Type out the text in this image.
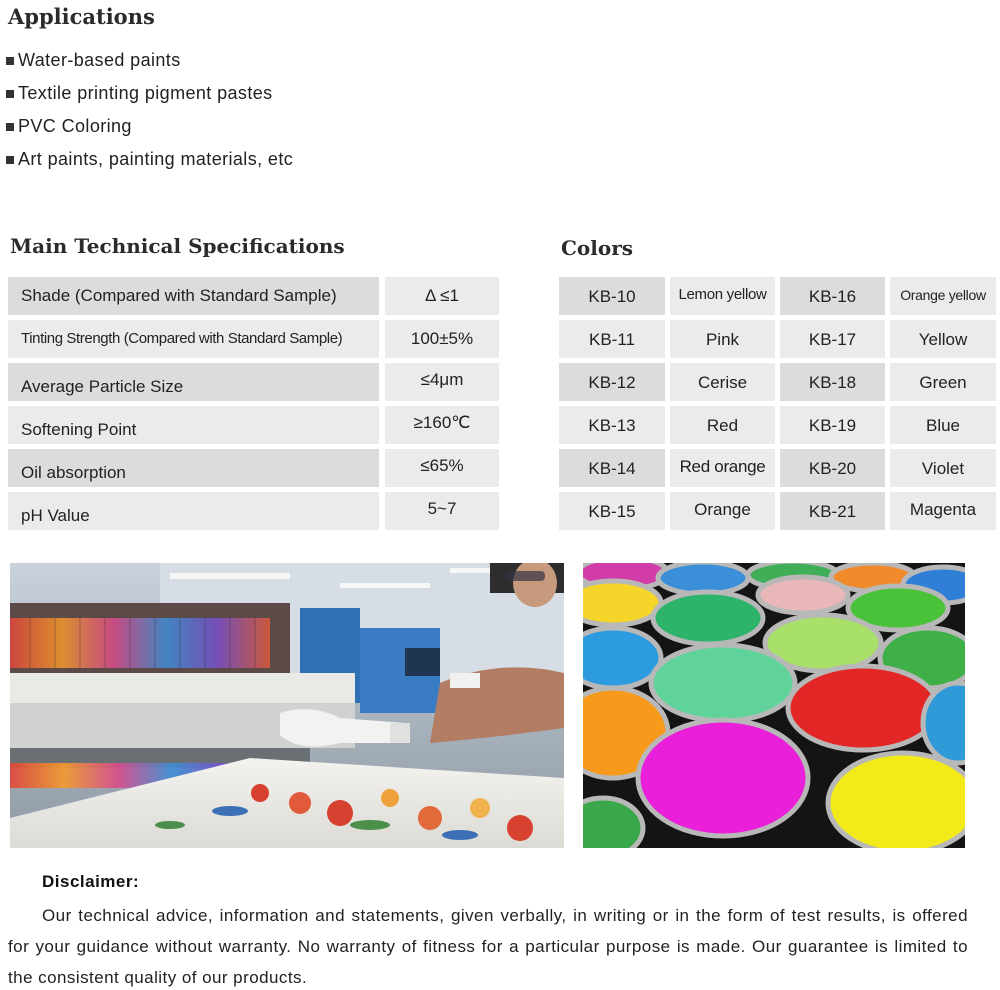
Applications
Water-based paints
Textile printing pigment pastes
PVC Coloring
Art paints, painting materials, etc
Main Technical Specifications
Shade (Compared with Standard Sample)	Δ ≤1
Tinting Strength (Compared with Standard Sample)	100±5%
Average Particle Size	≤4μm
Softening Point	≥160℃
Oil absorption	≤65%
pH Value	5~7
Colors
KB-10	Lemon yellow	KB-16	Orange yellow
KB-11	Pink	KB-17	Yellow
KB-12	Cerise	KB-18	Green
KB-13	Red	KB-19	Blue
KB-14	Red orange	KB-20	Violet
KB-15	Orange	KB-21	Magenta
Disclaimer:

Our technical advice, information and statements, given verbally, in writing or in the form of test results, is offered for your guidance without warranty. No warranty of fitness for a particular purpose is made. Our guarantee is limited to the consistent quality of our products.
